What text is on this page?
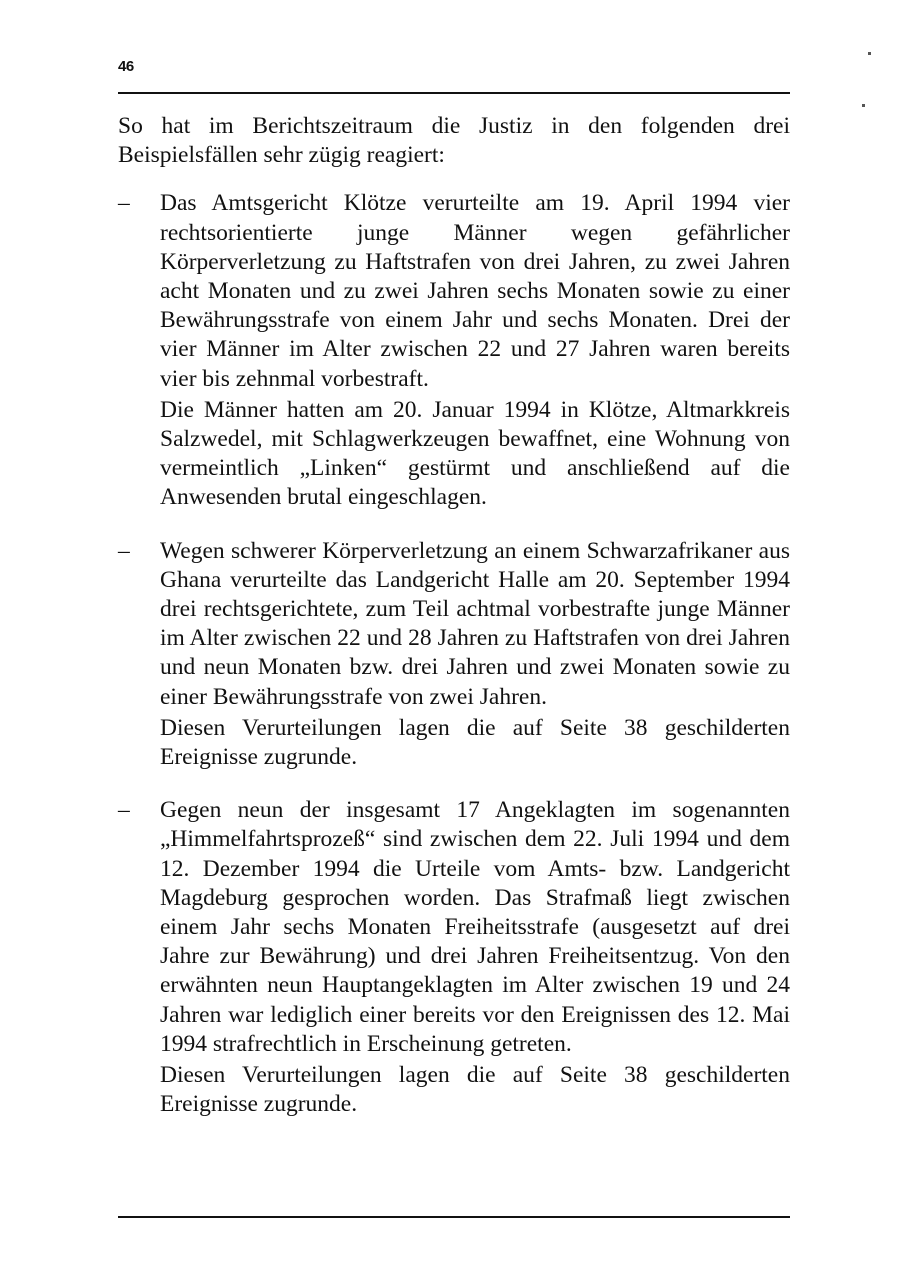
46

So hat im Berichtszeitraum die Justiz in den folgenden drei Beispielsfällen sehr zügig reagiert:

–	Das Amtsgericht Klötze verurteilte am 19. April 1994 vier rechtsorientierte junge Männer wegen gefährlicher Körperverletzung zu Haftstrafen von drei Jahren, zu zwei Jahren acht Monaten und zu zwei Jahren sechs Monaten sowie zu einer Bewährungsstrafe von einem Jahr und sechs Monaten. Drei der vier Männer im Alter zwischen 22 und 27 Jahren waren bereits vier bis zehnmal vorbestraft.

Die Männer hatten am 20. Januar 1994 in Klötze, Altmarkkreis Salzwedel, mit Schlagwerkzeugen bewaffnet, eine Wohnung von vermeintlich „Linken“ gestürmt und anschließend auf die Anwesenden brutal eingeschlagen.

–	Wegen schwerer Körperverletzung an einem Schwarzafrikaner aus Ghana verurteilte das Landgericht Halle am 20. September 1994 drei rechtsgerichtete, zum Teil achtmal vorbestrafte junge Männer im Alter zwischen 22 und 28 Jahren zu Haftstrafen von drei Jahren und neun Monaten bzw. drei Jahren und zwei Monaten sowie zu einer Bewährungsstrafe von zwei Jahren.

Diesen Verurteilungen lagen die auf Seite 38 geschilderten Ereignisse zugrunde.

–	Gegen neun der insgesamt 17 Angeklagten im sogenannten „Himmelfahrtsprozeß“ sind zwischen dem 22. Juli 1994 und dem 12. Dezember 1994 die Urteile vom Amts- bzw. Landgericht Magdeburg gesprochen worden. Das Strafmaß liegt zwischen einem Jahr sechs Monaten Freiheitsstrafe (ausgesetzt auf drei Jahre zur Bewährung) und drei Jahren Freiheitsentzug. Von den erwähnten neun Hauptangeklagten im Alter zwischen 19 und 24 Jahren war lediglich einer bereits vor den Ereignissen des 12. Mai 1994 strafrechtlich in Erscheinung getreten.

Diesen Verurteilungen lagen die auf Seite 38 geschilderten Ereignisse zugrunde.
